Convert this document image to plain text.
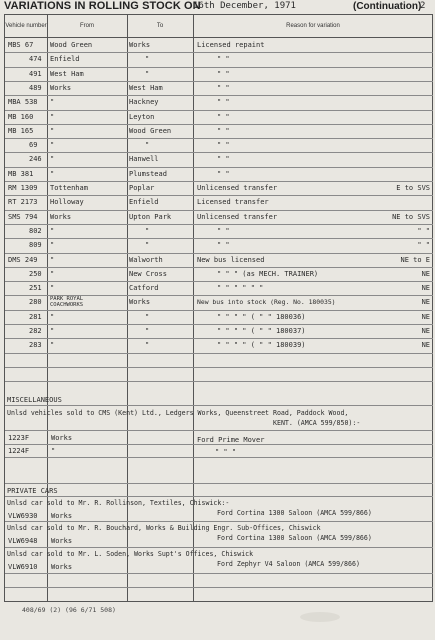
VARIATIONS IN ROLLING STOCK ON
16th December, 1971	(Continuation)
2
Vehicle number	From	To	Reason for variation
MBS 67 Wood Green	Works	Licensed repaint
474 Enfield	"	" "
491 West Ham	"	" "
489 Works	West Ham	" "
MBA 538 "	Hackney	" "
MB 160 "	Leyton	" "
MB 165 "	Wood Green	" "
69 "	"	" "
246 "	Hanwell	" "
MB 381 "	Plumstead	" "
RM 1309 Tottenham	Poplar	Unlicensed transfer	E to SVS
RT 2173 Holloway	Enfield	Licensed transfer
SMS 794 Works	Upton Park	Unlicensed transfer	NE to SVS
802 "	"	" "	" "
809 "	"	" "	" "
DMS 249 "	Walworth	New bus licensed	NE to E
250 "	New Cross	" " " (as MECH. TRAINER)	NE
251 "	Catford	" " " " " "	NE
280 PARK ROYAL COACHWORKS	Works	New bus into stock (Reg. No. 180035)	NE
281 "	"	" " " " ( " " 180036)	NE
282 "	"	" " " " ( " " 180037)	NE
283 "	"	" " " " ( " " 180039)	NE
MISCELLANEOUS
Unlsd vehicles sold to CMS (Kent) Ltd., Ledgers Works, Queenstreet Road, Paddock Wood,
KENT. (AMCA 599/850):-
1223F	Works	Ford Prime Mover
1224F	"	" " "
PRIVATE CARS
Unlsd car sold to Mr. R. Rollinson, Textiles, Chiswick:-
Ford Cortina 1300 Saloon (AMCA 599/866)
VLW6930 Works
Unlsd car sold to Mr. R. Bouchard, Works & Building Engr. Sub-Offices, Chiswick
Ford Cortina 1300 Saloon (AMCA 599/866)
VLW6948 Works
Unlsd car sold to Mr. L. Soden, Works Supt's Offices, Chiswick
Ford Zephyr V4 Saloon (AMCA 599/866)
VLW6910 Works
408/69 (2) (96 6/71 508)
